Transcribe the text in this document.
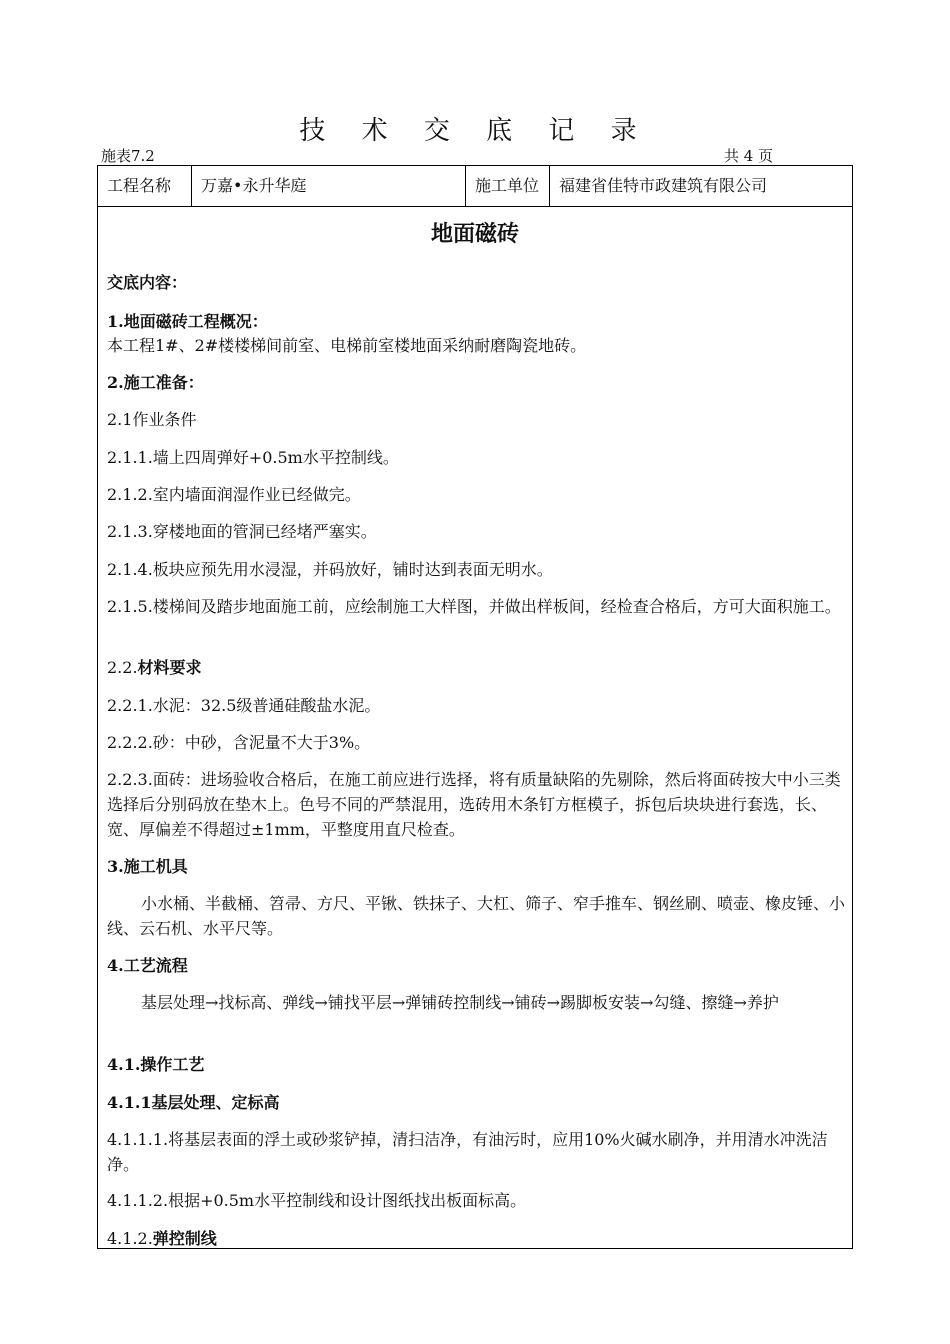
技 术 交 底 记 录
施表7.2	共 4 页
工程名称	万嘉•永升华庭	施工单位	福建省佳特市政建筑有限公司
地面磁砖

交底内容：

1.地面磁砖工程概况：

本工程1#、2#楼楼梯间前室、电梯前室楼地面采纳耐磨陶瓷地砖。

2.施工准备：

2.1作业条件

2.1.1.墙上四周弹好+0.5m水平控制线。

2.1.2.室内墙面润湿作业已经做完。

2.1.3.穿楼地面的管洞已经堵严塞实。

2.1.4.板块应预先用水浸湿，并码放好，铺时达到表面无明水。

2.1.5.楼梯间及踏步地面施工前，应绘制施工大样图，并做出样板间，经检查合格后，方可大面积施工。

2.2.材料要求

2.2.1.水泥：32.5级普通硅酸盐水泥。

2.2.2.砂：中砂，含泥量不大于3%。

2.2.3.面砖：进场验收合格后，在施工前应进行选择，将有质量缺陷的先剔除，然后将面砖按大中小三类选择后分别码放在垫木上。色号不同的严禁混用，选砖用木条钉方框模子，拆包后块块进行套选，长、宽、厚偏差不得超过±1mm，平整度用直尺检查。

3.施工机具

小水桶、半截桶、笤帚、方尺、平锹、铁抹子、大杠、筛子、窄手推车、钢丝刷、喷壶、橡皮锤、小线、云石机、水平尺等。

4.工艺流程

基层处理→找标高、弹线→铺找平层→弹铺砖控制线→铺砖→踢脚板安装→勾缝、擦缝→养护

4.1.操作工艺

4.1.1基层处理、定标高

4.1.1.1.将基层表面的浮土或砂浆铲掉，清扫洁净，有油污时，应用10%火碱水刷净，并用清水冲洗洁净。

4.1.1.2.根据+0.5m水平控制线和设计图纸找出板面标高。

4.1.2.弹控制线
